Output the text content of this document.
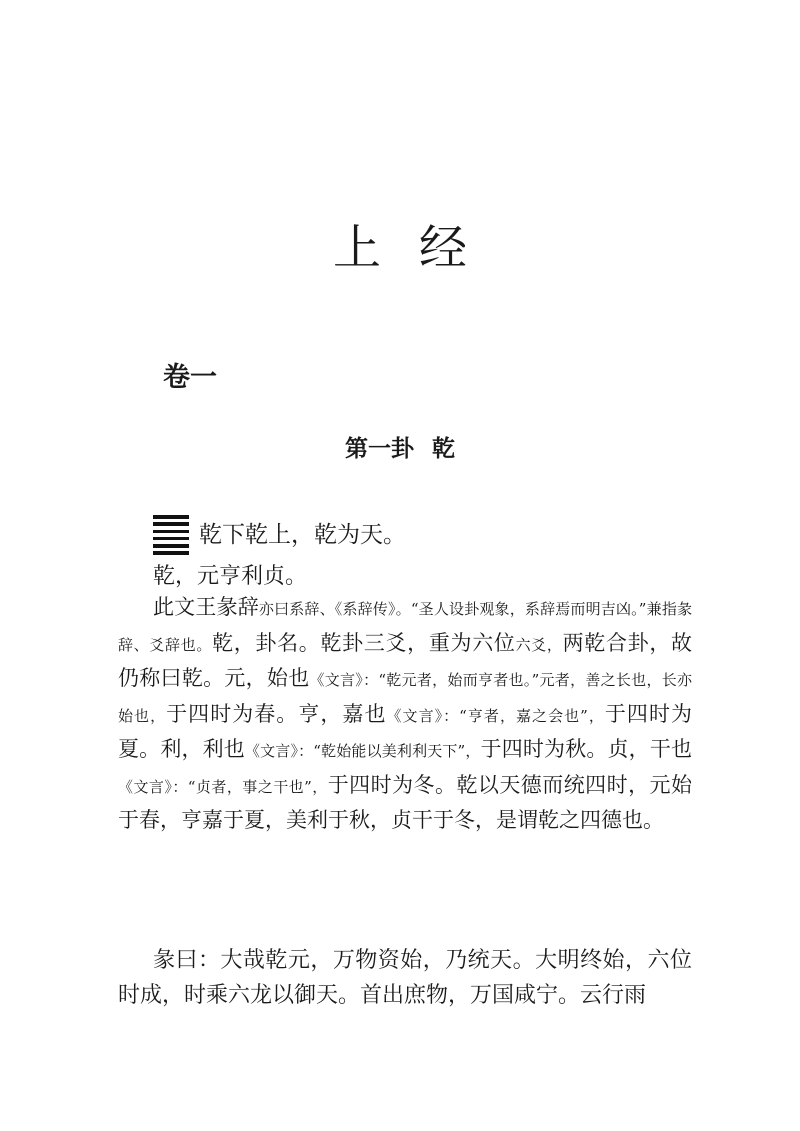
上经
卷一
第一卦 乾
乾下乾上，乾为天。
乾，元亨利贞。

此文王彖辞亦曰系辞、《系辞传》。“圣人设卦观象，系辞焉而明吉凶。”兼指彖辞、爻辞也。乾，卦名。乾卦三爻，重为六位六爻，两乾合卦，故仍称曰乾。元，始也《文言》：“乾元者，始而亨者也。”元者，善之长也，长亦始也，于四时为春。亨，嘉也《文言》：“亨者，嘉之会也”，于四时为夏。利，利也《文言》：“乾始能以美利利天下”，于四时为秋。贞，干也《文言》：“贞者，事之干也”，于四时为冬。乾以天德而统四时，元始于春，亨嘉于夏，美利于秋，贞干于冬，是谓乾之四德也。

彖曰：大哉乾元，万物资始，乃统天。大明终始，六位时成，时乘六龙以御天。首出庶物，万国咸宁。云行雨
